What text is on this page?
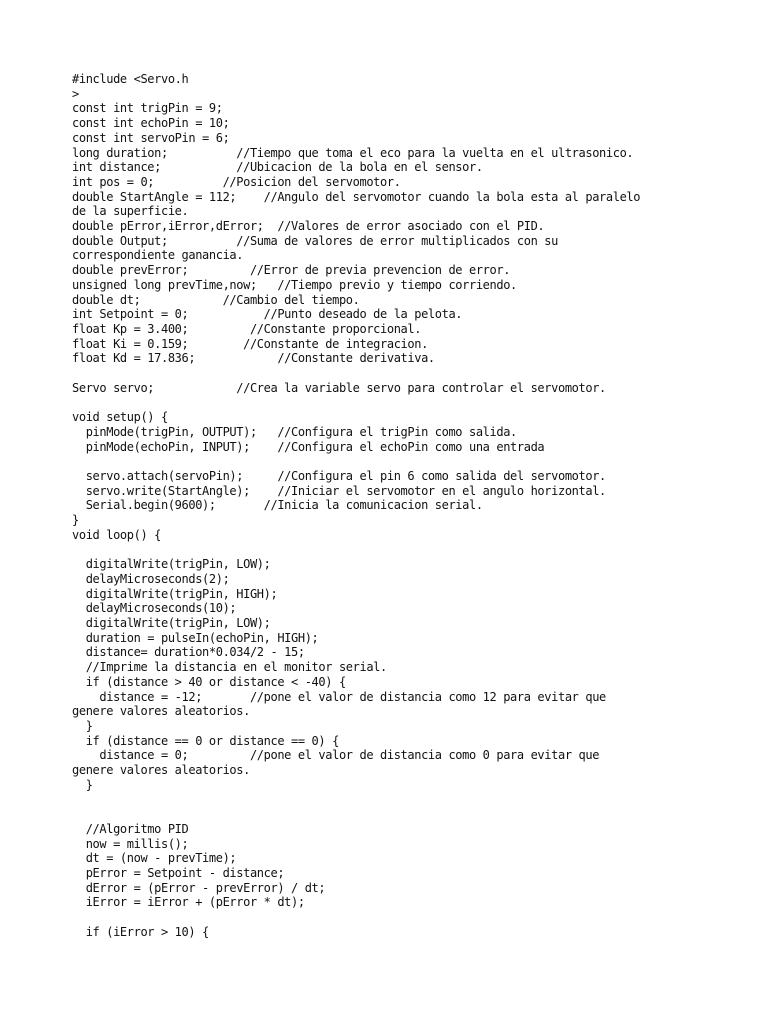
#include <Servo.h
>
const int trigPin = 9;
const int echoPin = 10;
const int servoPin = 6;
long duration;          //Tiempo que toma el eco para la vuelta en el ultrasonico.
int distance;           //Ubicacion de la bola en el sensor.
int pos = 0;          //Posicion del servomotor.
double StartAngle = 112;    //Angulo del servomotor cuando la bola esta al paralelo
de la superficie.
double pError,iError,dError;  //Valores de error asociado con el PID.
double Output;          //Suma de valores de error multiplicados con su
correspondiente ganancia.
double prevError;         //Error de previa prevencion de error.
unsigned long prevTime,now;   //Tiempo previo y tiempo corriendo.
double dt;            //Cambio del tiempo.
int Setpoint = 0;           //Punto deseado de la pelota.
float Kp = 3.400;         //Constante proporcional.
float Ki = 0.159;        //Constante de integracion.
float Kd = 17.836;            //Constante derivativa.

Servo servo;            //Crea la variable servo para controlar el servomotor.

void setup() {
pinMode(trigPin, OUTPUT);   //Configura el trigPin como salida.
pinMode(echoPin, INPUT);    //Configura el echoPin como una entrada

servo.attach(servoPin);     //Configura el pin 6 como salida del servomotor.
servo.write(StartAngle);    //Iniciar el servomotor en el angulo horizontal.
Serial.begin(9600);       //Inicia la comunicacion serial.
}
void loop() {

digitalWrite(trigPin, LOW);
delayMicroseconds(2);
digitalWrite(trigPin, HIGH);
delayMicroseconds(10);
digitalWrite(trigPin, LOW);
duration = pulseIn(echoPin, HIGH);
distance= duration*0.034/2 - 15;
//Imprime la distancia en el monitor serial.
if (distance > 40 or distance < -40) {
distance = -12;       //pone el valor de distancia como 12 para evitar que
genere valores aleatorios.
}
if (distance == 0 or distance == 0) {
distance = 0;         //pone el valor de distancia como 0 para evitar que
genere valores aleatorios.
}

//Algoritmo PID
now = millis();
dt = (now - prevTime);
pError = Setpoint - distance;
dError = (pError - prevError) / dt;
iError = iError + (pError * dt);

if (iError > 10) {
